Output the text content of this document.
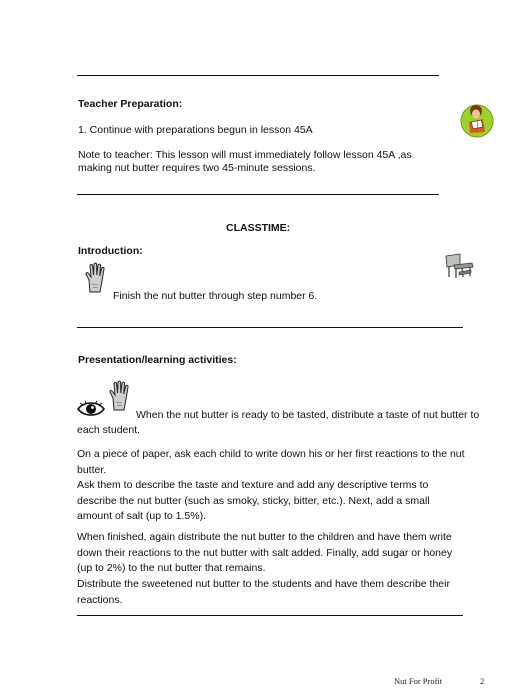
Teacher Preparation:
1. Continue with preparations begun in lesson 45A
Note to teacher: This lesson will must immediately follow lesson 45A ,as
making nut butter requires two 45-minute sessions.
CLASSTIME:
Introduction:
Finish the nut butter through step number 6.
Presentation/learning activities:
When the nut butter is ready to be tasted, distribute a taste of nut butter to
each student.
On a piece of paper, ask each child to write down his or her first reactions to the nut butter.
Ask them to describe the taste and texture and add any descriptive terms to describe the nut butter (such as smoky, sticky, bitter, etc.). Next, add a small amount of salt (up to 1.5%).
When finished, again distribute the nut butter to the children and have them write down their reactions to the nut butter with salt added. Finally, add sugar or honey (up to 2%) to the nut butter that remains.
Distribute the sweetened nut butter to the students and have them describe their reactions.
Nut For Profit	2
